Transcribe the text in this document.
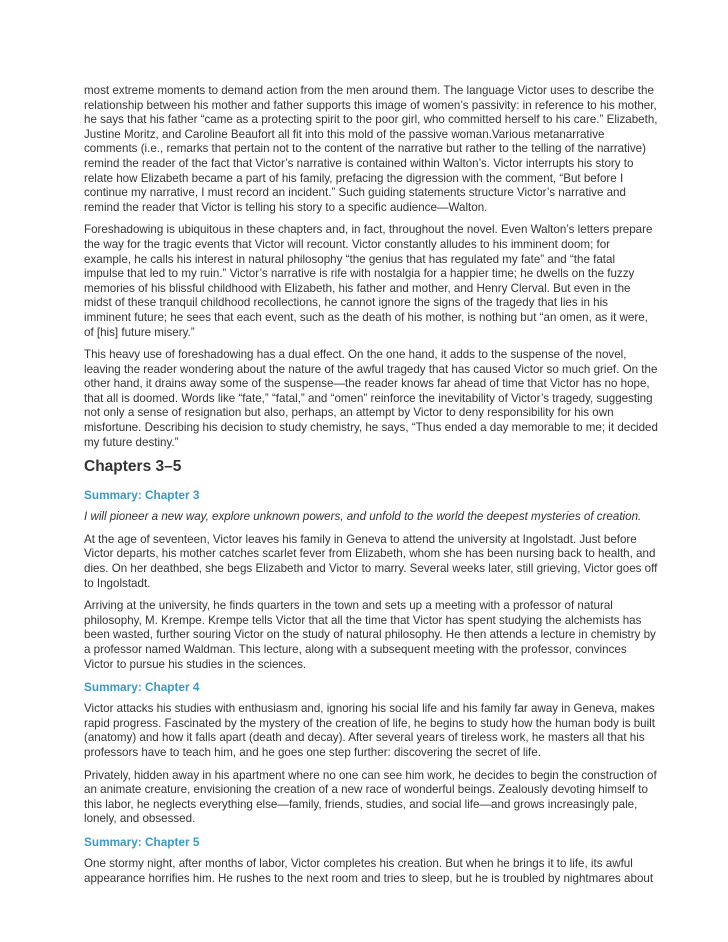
most extreme moments to demand action from the men around them. The language Victor uses to describe the relationship between his mother and father supports this image of women’s passivity: in reference to his mother, he says that his father “came as a protecting spirit to the poor girl, who committed herself to his care.” Elizabeth, Justine Moritz, and Caroline Beaufort all fit into this mold of the passive woman.Various metanarrative comments (i.e., remarks that pertain not to the content of the narrative but rather to the telling of the narrative) remind the reader of the fact that Victor’s narrative is contained within Walton’s. Victor interrupts his story to relate how Elizabeth became a part of his family, prefacing the digression with the comment, “But before I continue my narrative, I must record an incident.” Such guiding statements structure Victor’s narrative and remind the reader that Victor is telling his story to a specific audience—Walton.

Foreshadowing is ubiquitous in these chapters and, in fact, throughout the novel. Even Walton’s letters prepare the way for the tragic events that Victor will recount. Victor constantly alludes to his imminent doom; for example, he calls his interest in natural philosophy “the genius that has regulated my fate” and “the fatal impulse that led to my ruin.” Victor’s narrative is rife with nostalgia for a happier time; he dwells on the fuzzy memories of his blissful childhood with Elizabeth, his father and mother, and Henry Clerval. But even in the midst of these tranquil childhood recollections, he cannot ignore the signs of the tragedy that lies in his imminent future; he sees that each event, such as the death of his mother, is nothing but “an omen, as it were, of [his] future misery.”

This heavy use of foreshadowing has a dual effect. On the one hand, it adds to the suspense of the novel, leaving the reader wondering about the nature of the awful tragedy that has caused Victor so much grief. On the other hand, it drains away some of the suspense—the reader knows far ahead of time that Victor has no hope, that all is doomed. Words like “fate,” “fatal,” and “omen” reinforce the inevitability of Victor’s tragedy, suggesting not only a sense of resignation but also, perhaps, an attempt by Victor to deny responsibility for his own misfortune. Describing his decision to study chemistry, he says, “Thus ended a day memorable to me; it decided my future destiny.”

Chapters 3–5
Summary: Chapter 3

I will pioneer a new way, explore unknown powers, and unfold to the world the deepest mysteries of creation.

At the age of seventeen, Victor leaves his family in Geneva to attend the university at Ingolstadt. Just before Victor departs, his mother catches scarlet fever from Elizabeth, whom she has been nursing back to health, and dies. On her deathbed, she begs Elizabeth and Victor to marry. Several weeks later, still grieving, Victor goes off to Ingolstadt.

Arriving at the university, he finds quarters in the town and sets up a meeting with a professor of natural philosophy, M. Krempe. Krempe tells Victor that all the time that Victor has spent studying the alchemists has been wasted, further souring Victor on the study of natural philosophy. He then attends a lecture in chemistry by a professor named Waldman. This lecture, along with a subsequent meeting with the professor, convinces Victor to pursue his studies in the sciences.

Summary: Chapter 4

Victor attacks his studies with enthusiasm and, ignoring his social life and his family far away in Geneva, makes rapid progress. Fascinated by the mystery of the creation of life, he begins to study how the human body is built (anatomy) and how it falls apart (death and decay). After several years of tireless work, he masters all that his professors have to teach him, and he goes one step further: discovering the secret of life.

Privately, hidden away in his apartment where no one can see him work, he decides to begin the construction of an animate creature, envisioning the creation of a new race of wonderful beings. Zealously devoting himself to this labor, he neglects everything else—family, friends, studies, and social life—and grows increasingly pale, lonely, and obsessed.

Summary: Chapter 5

One stormy night, after months of labor, Victor completes his creation. But when he brings it to life, its awful appearance horrifies him. He rushes to the next room and tries to sleep, but he is troubled by nightmares about
